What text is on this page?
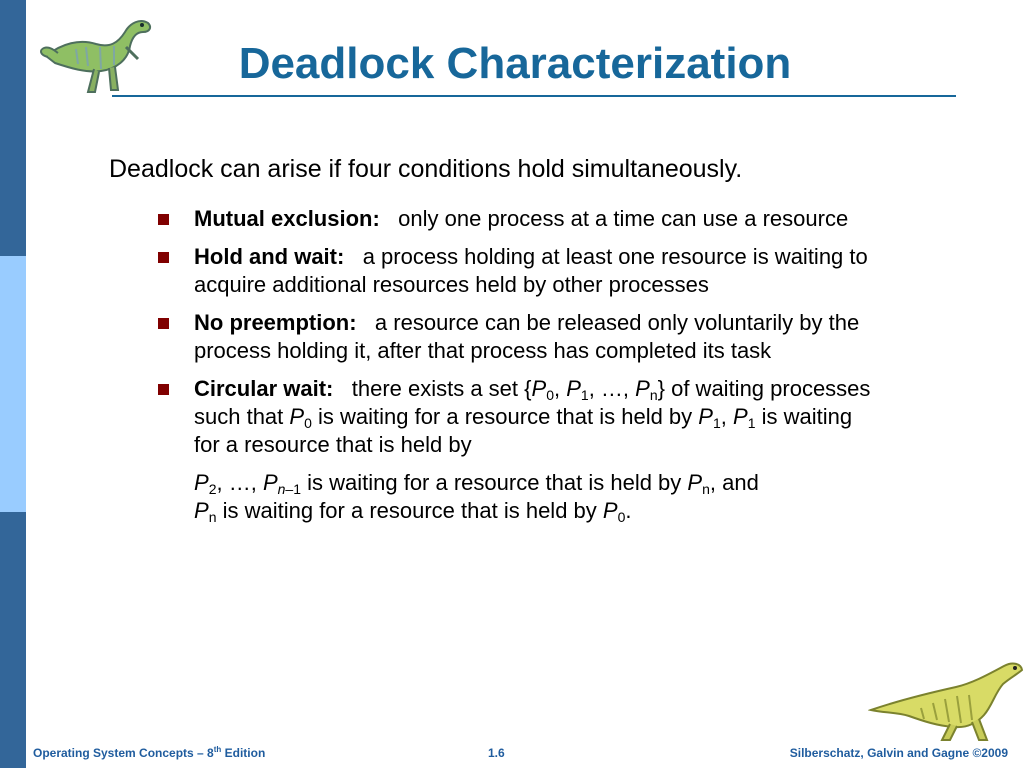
Deadlock Characterization

Deadlock can arise if four conditions hold simultaneously.

Mutual exclusion: only one process at a time can use a resource
Hold and wait: a process holding at least one resource is waiting to acquire additional resources held by other processes
No preemption: a resource can be released only voluntarily by the process holding it, after that process has completed its task
Circular wait: there exists a set {$P_0$, $P_1$, …, $P_n$} of waiting processes such that $P_0$ is waiting for a resource that is held by $P_1$, $P_1$ is waiting for a resource that is held by
$P_2$, …, $P_{n-1}$ is waiting for a resource that is held by $P_n$, and
$P_n$ is waiting for a resource that is held by $P_0$.

Operating System Concepts – 8th Edition	1.6	Silberschatz, Galvin and Gagne ©2009
